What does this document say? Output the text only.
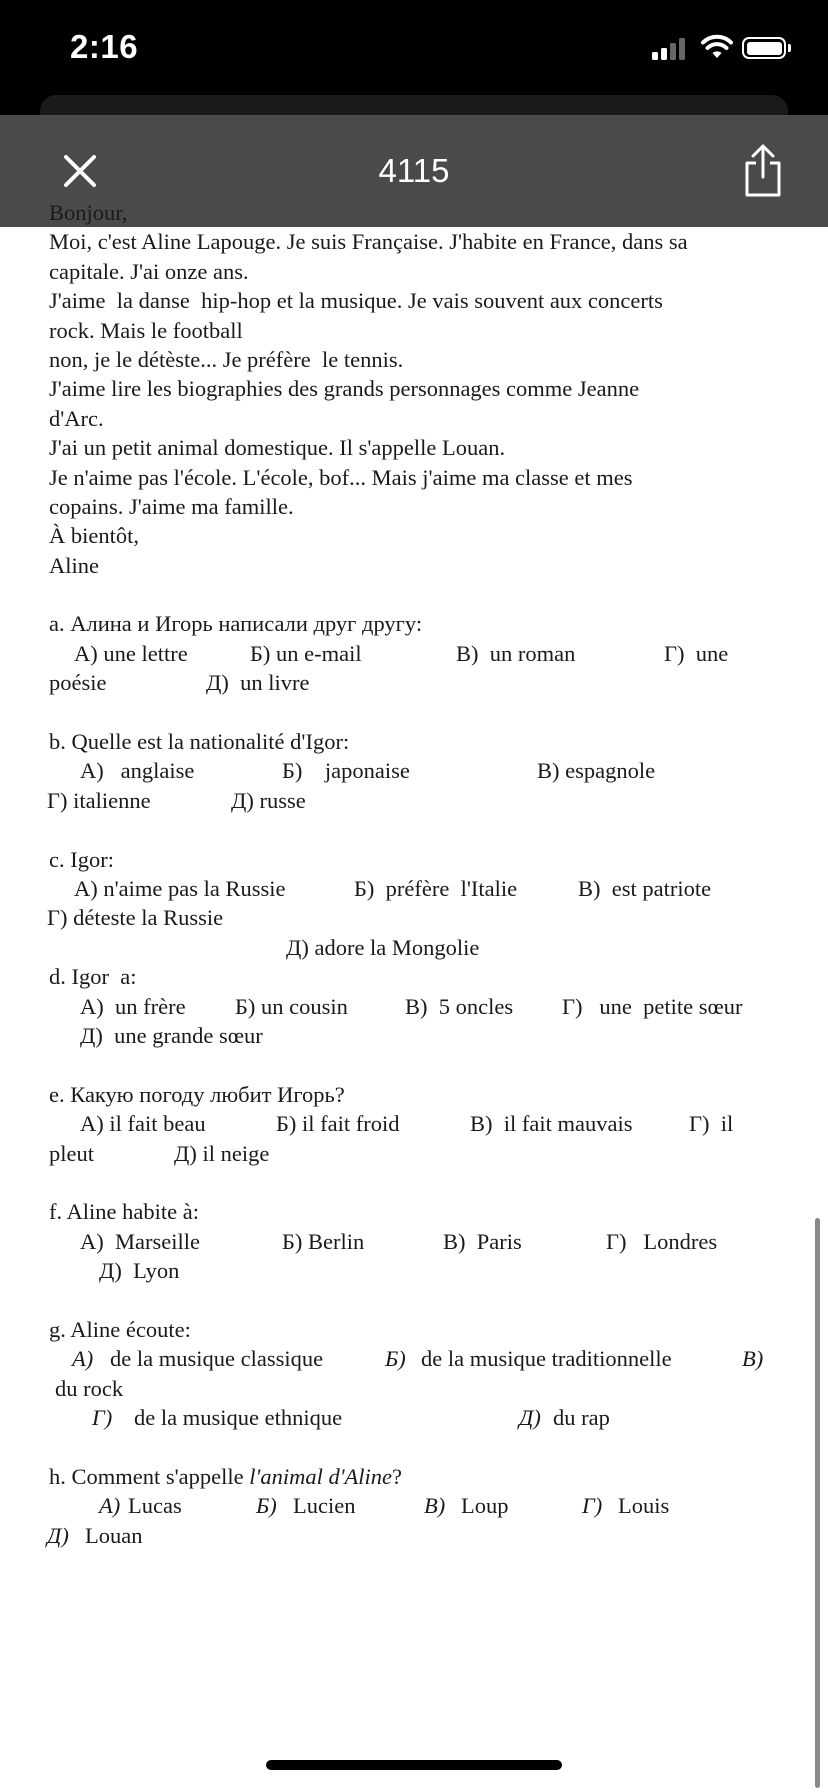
2:16
4115
Bonjour,
Moi, c'est Aline Lapouge. Je suis Française. J'habite en France, dans sa
capitale. J'ai onze ans.
J'aime  la danse  hip-hop et la musique. Je vais souvent aux concerts
rock. Mais le football
non, je le détèste... Je préfère  le tennis.
J'aime lire les biographies des grands personnages comme Jeanne
d'Arc.
J'ai un petit animal domestique. Il s'appelle Louan.
Je n'aime pas l'école. L'école, bof... Mais j'aime ma classe et mes
copains. J'aime ma famille.
À bientôt,
Aline
a. Алина и Игорь написали друг другу:

А) une lettre

	Б) un e-mail

	В)  un roman

	Г)  une

poésie

	Д)  un livre

b. Quelle est la nationalité d'Igor:

А)   anglaise

	Б)    japonaise

	В) espagnole

Г) italienne

	Д) russe

c. Igor:

А) n'aime pas la Russie

	Б)  préfère  l'Italie

	В)  est patriote

Г) déteste la Russie
Д) adore la Mongolie
d. Igor  a:

А)  un frère

Б) un cousin

	В)  5 oncles

Г)   une  petite sœur

Д)  une grande sœur
e. Какую погоду любит Игорь?

А) il fait beau

	Б) il fait froid

	В)  il fait mauvais

	Г)  il

pleut

	Д) il neige

f. Aline habite à:

А)  Marseille

	Б) Berlin

	В)  Paris

	Г)   Londres

Д)  Lyon
g. Aline écoute:

А)

de la musique classique

	Б)

de la musique traditionnelle

	В)

du rock

Г)

de la musique ethnique

	Д)

du rap

h. Comment s'appelle l'animal d'Aline?

А)

Lucas

	Б)

Lucien

	В)

Loup

	Г)

Louis

Д)

Louan
